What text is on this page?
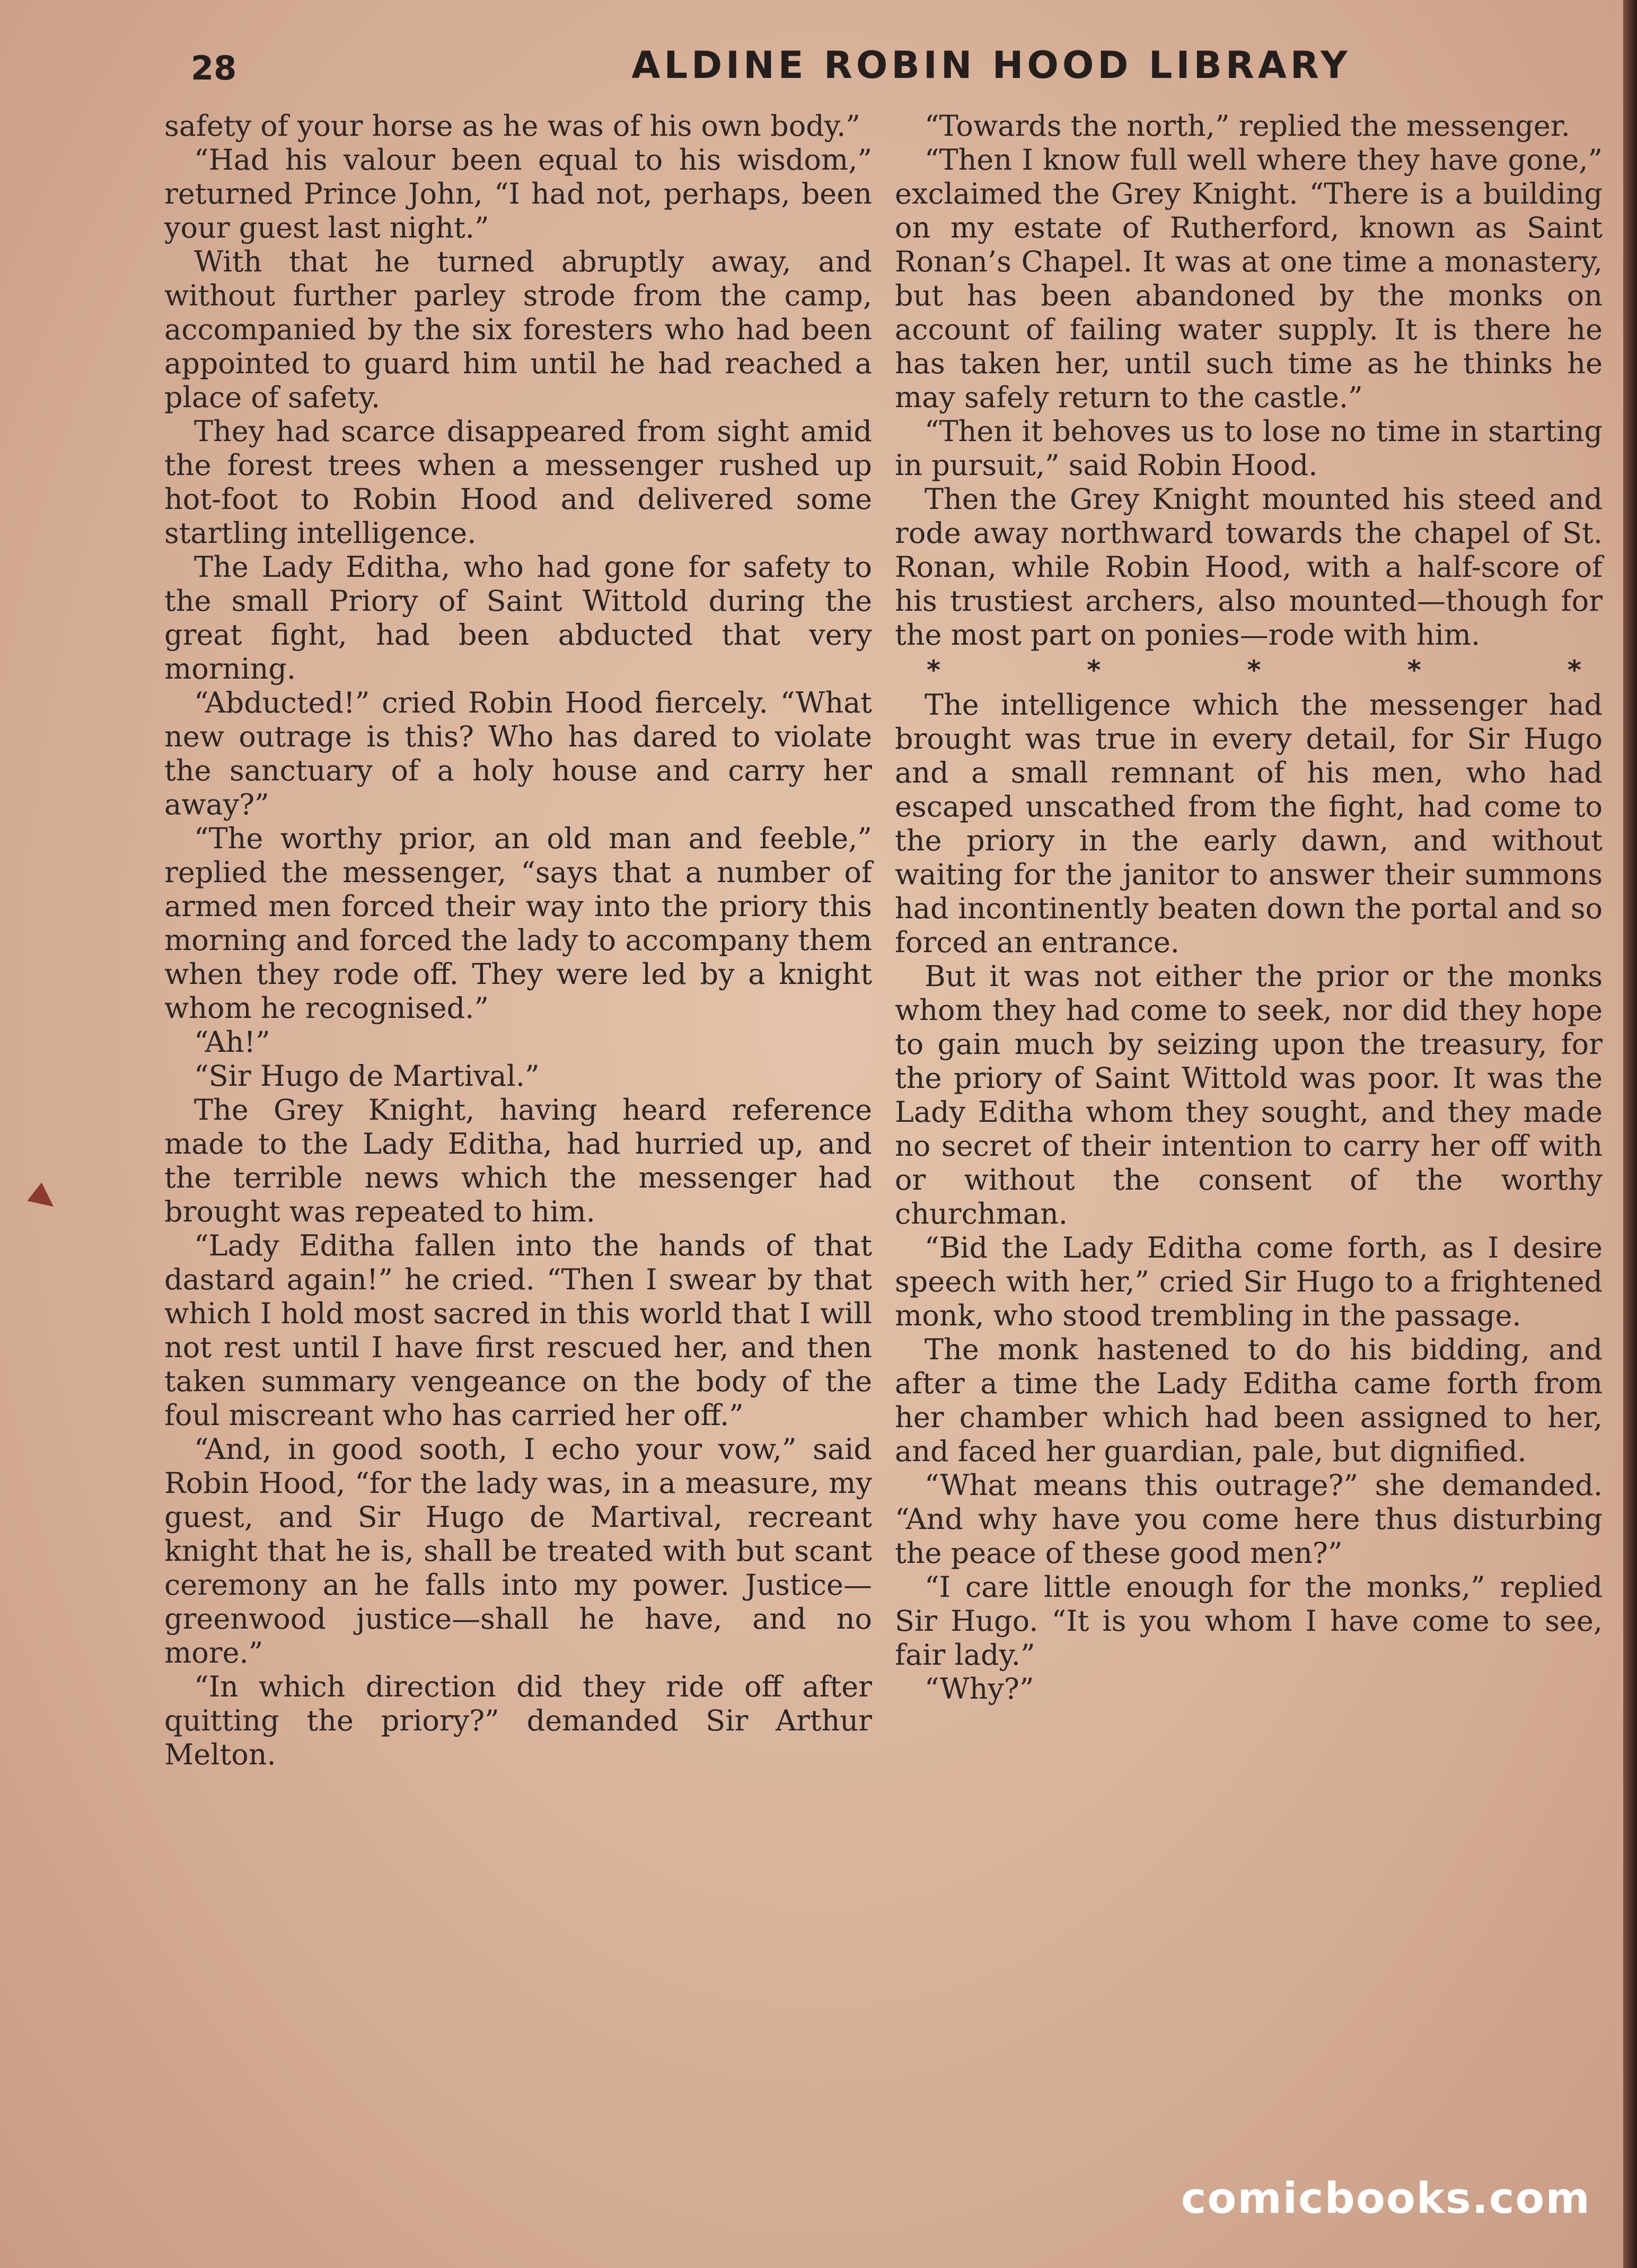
28	ALDINE ROBIN HOOD LIBRARY

safety of your horse as he was of his own body.”

“Had his valour been equal to his wisdom,” returned Prince John, “I had not, perhaps, been your guest last night.”

With that he turned abruptly away, and without further parley strode from the camp, accompanied by the six foresters who had been appointed to guard him until he had reached a place of safety.

They had scarce disappeared from sight amid the forest trees when a messenger rushed up hot-foot to Robin Hood and delivered some startling intelligence.

The Lady Editha, who had gone for safety to the small Priory of Saint Wittold during the great fight, had been abducted that very morning.

“Abducted!” cried Robin Hood fiercely. “What new outrage is this? Who has dared to violate the sanctuary of a holy house and carry her away?”

“The worthy prior, an old man and feeble,” replied the messenger, “says that a number of armed men forced their way into the priory this morning and forced the lady to accompany them when they rode off. They were led by a knight whom he recognised.”

“Ah!”

“Sir Hugo de Martival.”

The Grey Knight, having heard reference made to the Lady Editha, had hurried up, and the terrible news which the messenger had brought was repeated to him.

“Lady Editha fallen into the hands of that dastard again!” he cried. “Then I swear by that which I hold most sacred in this world that I will not rest until I have first rescued her, and then taken summary vengeance on the body of the foul miscreant who has carried her off.”

“And, in good sooth, I echo your vow,” said Robin Hood, “for the lady was, in a measure, my guest, and Sir Hugo de Martival, recreant knight that he is, shall be treated with but scant ceremony an he falls into my power. Justice—greenwood justice—shall he have, and no more.”

“In which direction did they ride off after quitting the priory?” demanded Sir Arthur Melton.

“Towards the north,” replied the messenger.

“Then I know full well where they have gone,” exclaimed the Grey Knight. “There is a building on my estate of Rutherford, known as Saint Ronan’s Chapel. It was at one time a monastery, but has been abandoned by the monks on account of failing water supply. It is there he has taken her, until such time as he thinks he may safely return to the castle.”

“Then it behoves us to lose no time in starting in pursuit,” said Robin Hood.

Then the Grey Knight mounted his steed and rode away northward towards the chapel of St. Ronan, while Robin Hood, with a half-score of his trustiest archers, also mounted—though for the most part on ponies—rode with him.

* * * * *

The intelligence which the messenger had brought was true in every detail, for Sir Hugo and a small remnant of his men, who had escaped unscathed from the fight, had come to the priory in the early dawn, and without waiting for the janitor to answer their summons had incontinently beaten down the portal and so forced an entrance.

But it was not either the prior or the monks whom they had come to seek, nor did they hope to gain much by seizing upon the treasury, for the priory of Saint Wittold was poor. It was the Lady Editha whom they sought, and they made no secret of their intention to carry her off with or without the consent of the worthy churchman.

“Bid the Lady Editha come forth, as I desire speech with her,” cried Sir Hugo to a frightened monk, who stood trembling in the passage.

The monk hastened to do his bidding, and after a time the Lady Editha came forth from her chamber which had been assigned to her, and faced her guardian, pale, but dignified.

“What means this outrage?” she demanded. “And why have you come here thus disturbing the peace of these good men?”

“I care little enough for the monks,” replied Sir Hugo. “It is you whom I have come to see, fair lady.”

“Why?”

comicbooks.com
